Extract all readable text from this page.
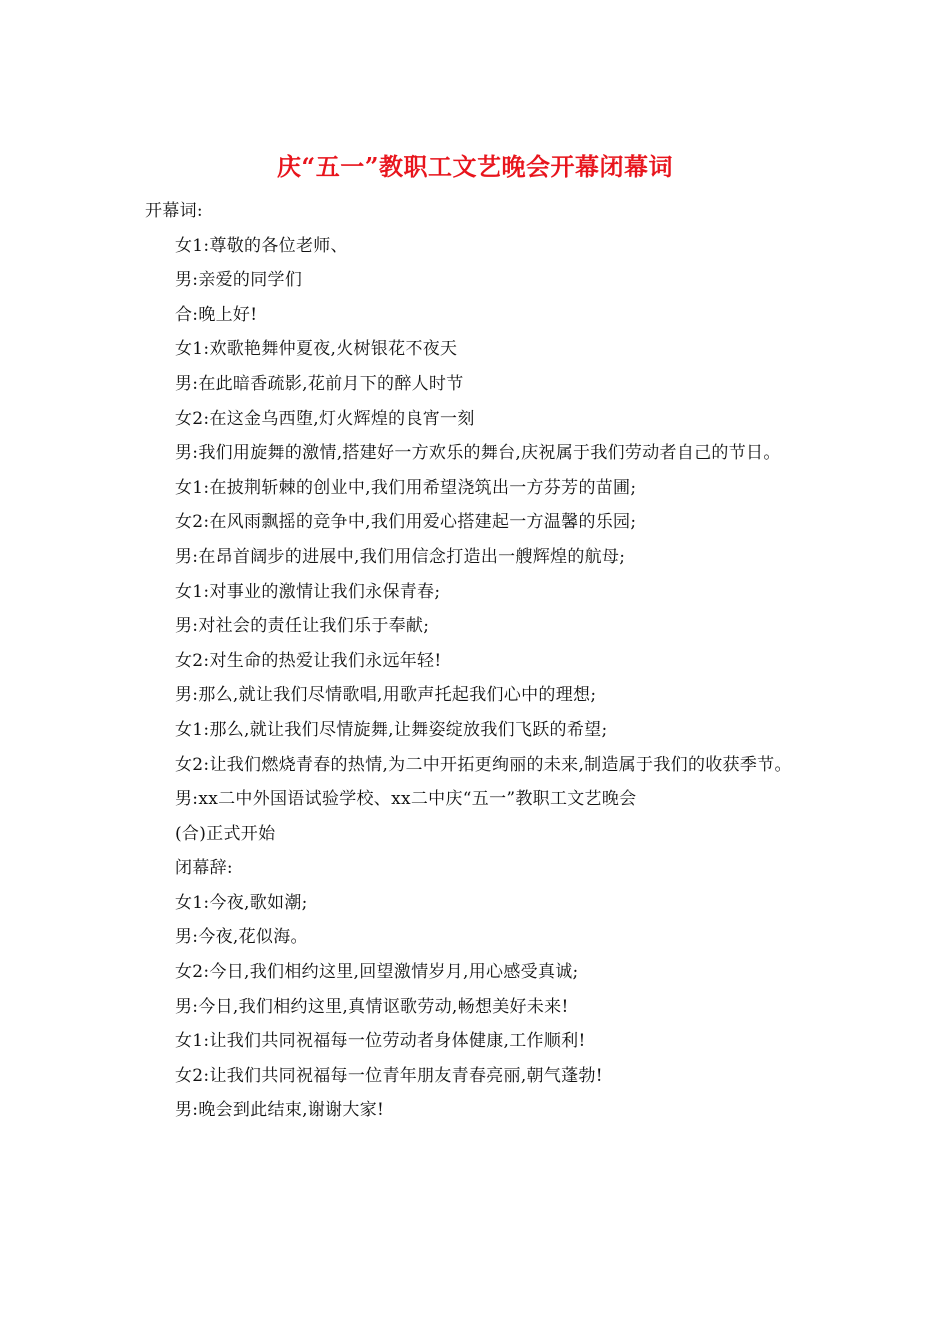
庆“五一”教职工文艺晚会开幕闭幕词

开幕词:

女1:尊敬的各位老师、

男:亲爱的同学们

合:晚上好!

女1:欢歌艳舞仲夏夜,火树银花不夜天

男:在此暗香疏影,花前月下的醉人时节

女2:在这金乌西堕,灯火辉煌的良宵一刻

男:我们用旋舞的激情,搭建好一方欢乐的舞台,庆祝属于我们劳动者自己的节日。

女1:在披荆斩棘的创业中,我们用希望浇筑出一方芬芳的苗圃;

女2:在风雨飘摇的竞争中,我们用爱心搭建起一方温馨的乐园;

男:在昂首阔步的进展中,我们用信念打造出一艘辉煌的航母;

女1:对事业的激情让我们永保青春;

男:对社会的责任让我们乐于奉献;

女2:对生命的热爱让我们永远年轻!

男:那么,就让我们尽情歌唱,用歌声托起我们心中的理想;

女1:那么,就让我们尽情旋舞,让舞姿绽放我们飞跃的希望;

女2:让我们燃烧青春的热情,为二中开拓更绚丽的未来,制造属于我们的收获季节。

男:xx二中外国语试验学校、xx二中庆“五一”教职工文艺晚会

(合)正式开始

闭幕辞:

女1:今夜,歌如潮;

男:今夜,花似海。

女2:今日,我们相约这里,回望激情岁月,用心感受真诚;

男:今日,我们相约这里,真情讴歌劳动,畅想美好未来!

女1:让我们共同祝福每一位劳动者身体健康,工作顺利!

女2:让我们共同祝福每一位青年朋友青春亮丽,朝气蓬勃!

男:晚会到此结束,谢谢大家!
